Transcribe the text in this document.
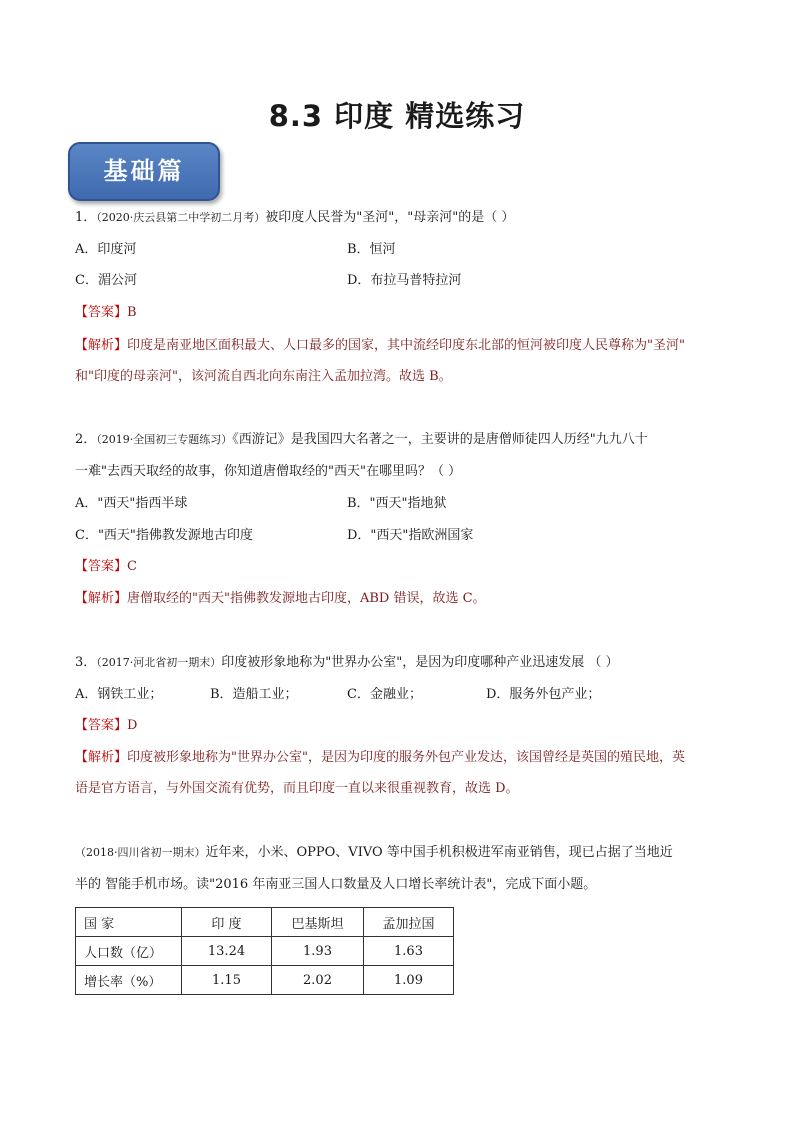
8.3 印度 精选练习
基础篇
1．（2020·庆云县第二中学初二月考）被印度人民誉为"圣河"，"母亲河"的是（ ）
A．印度河	B．恒河
C．湄公河	D．布拉马普特拉河
【答案】B
【解析】印度是南亚地区面积最大、人口最多的国家，其中流经印度东北部的恒河被印度人民尊称为"圣河"
和"印度的母亲河"，该河流自西北向东南注入孟加拉湾。故选 B。
2．（2019·全国初三专题练习）《西游记》是我国四大名著之一，主要讲的是唐僧师徒四人历经"九九八十
一难"去西天取经的故事，你知道唐僧取经的"西天"在哪里吗？（ ）
A．"西天"指西半球	B．"西天"指地狱
C．"西天"指佛教发源地古印度	D．"西天"指欧洲国家
【答案】C
【解析】唐僧取经的"西天"指佛教发源地古印度，ABD 错误，故选 C。
3．（2017·河北省初一期末）印度被形象地称为"世界办公室"，是因为印度哪种产业迅速发展 （ ）
A．钢铁工业；	B．造船工业；	C．金融业；	D．服务外包产业；
【答案】D
【解析】印度被形象地称为"世界办公室"，是因为印度的服务外包产业发达，该国曾经是英国的殖民地，英
语是官方语言，与外国交流有优势，而且印度一直以来很重视教育，故选 D。
（2018·四川省初一期末）近年来，小米、OPPO、VIVO 等中国手机积极进军南亚销售，现已占据了当地近
半的 智能手机市场。读"2016 年南亚三国人口数量及人口增长率统计表"，完成下面小题。
国 家	印 度	巴基斯坦	孟加拉国
人口数（亿）	13.24	1.93	1.63
增长率（%）	1.15	2.02	1.09
